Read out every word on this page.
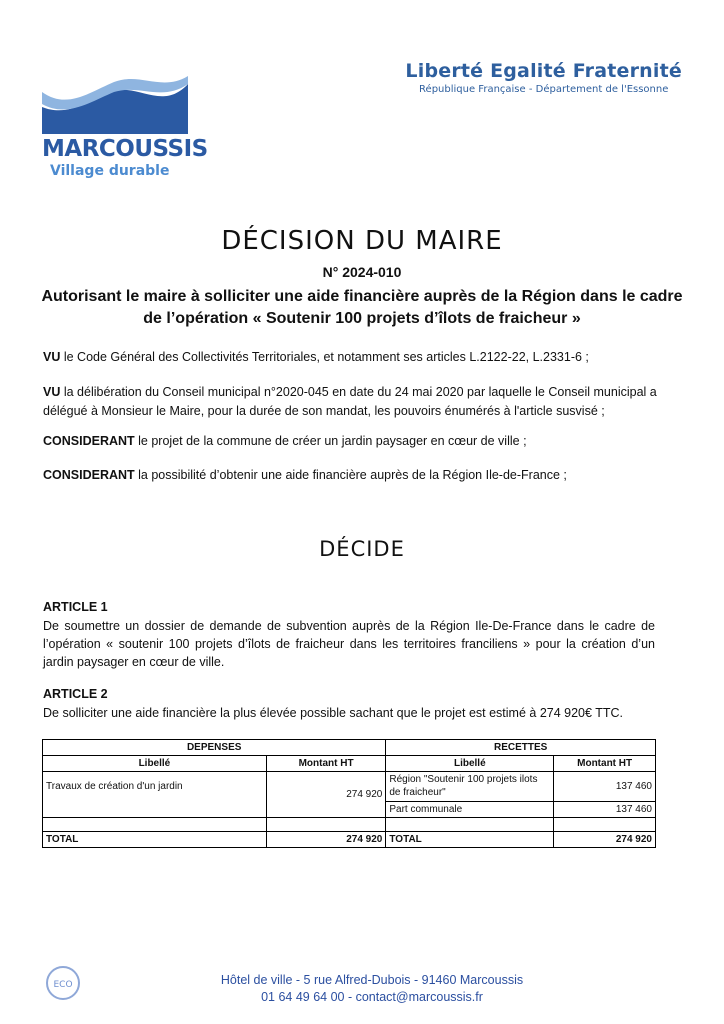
MARCOUSSIS
Village durable
Liberté Egalité Fraternité
République Française - Département de l'Essonne
DÉCISION DU MAIRE
N° 2024-010
Autorisant le maire à solliciter une aide financière auprès de la Région dans le cadre de l’opération « Soutenir 100 projets d’îlots de fraicheur »
VU le Code Général des Collectivités Territoriales, et notamment ses articles L.2122-22, L.2331-6 ;
VU la délibération du Conseil municipal n°2020-045 en date du 24 mai 2020 par laquelle le Conseil municipal a délégué à Monsieur le Maire, pour la durée de son mandat, les pouvoirs énumérés à l'article susvisé ;
CONSIDERANT le projet de la commune de créer un jardin paysager en cœur de ville ;
CONSIDERANT la possibilité d’obtenir une aide financière auprès de la Région Ile-de-France ;
DÉCIDE
ARTICLE 1
De soumettre un dossier de demande de subvention auprès de la Région Ile-De-France dans le cadre de l’opération « soutenir 100 projets d’îlots de fraicheur dans les territoires franciliens » pour la création d’un jardin paysager en cœur de ville.
ARTICLE 2
De solliciter une aide financière la plus élevée possible sachant que le projet est estimé à 274 920€ TTC.
DEPENSES		RECETTES	
Libellé	Montant HT	Libellé	Montant HT
Travaux de création d'un jardin	274 920	Région "Soutenir 100 projets ilots de fraicheur"	137 460
		Part communale	137 460

TOTAL	274 920	TOTAL	274 920
ECO	Hôtel de ville - 5 rue Alfred-Dubois - 91460 Marcoussis
01 64 49 64 00 - contact@marcoussis.fr
